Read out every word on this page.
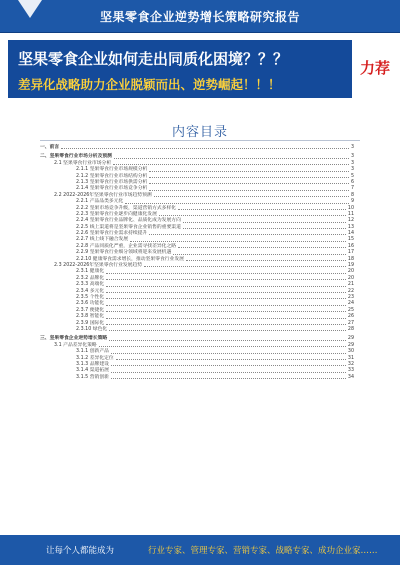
坚果零食企业逆势增长策略研究报告
坚果零食企业如何走出同质化困境？？？
差异化战略助力企业脱颖而出、逆势崛起！！！
力荐
内容目录
一、前言	3
二、坚果零食行业市场分析及预测	3
2.1 坚果零食行业市场分析	3
2.1.1 坚果零食行业市场规模分析	3
2.1.2 坚果零食行业市场结构分析	5
2.1.3 坚果零食行业市场供需分析	6
2.1.4 坚果零食行业市场竞争分析	7
2.2 2022-2026年坚果零食行业市场趋势预测	8
2.2.1 产品品类多元化	9
2.2.2 坚果市场竞争升级，渠道营销方式多样化	10
2.2.3 坚果零食行业逐步向健康化发展	11
2.2.4 坚果零食行业品牌化、品质化成为发展方向	12
2.2.5 线上渠道将是坚果零食企业销售的重要渠道	13
2.2.6 坚果零食行业需求持续提升	14
2.2.7 线上线下融合发展	15
2.2.8 产品同质化严重，企业需寻找差异化之路	16
2.2.9 坚果零食行业细分领域将迎来发展机遇	17
2.2.10 健康零食需求增长，推动坚果零食行业发展	18
2.3 2022-2026年坚果零食行业发展趋势	19
2.3.1 健康化	20
2.3.2 品牌化	20
2.3.3 高端化	21
2.3.4 多元化	22
2.3.5 个性化	23
2.3.6 功能化	24
2.3.7 便捷化	25
2.3.8 智能化	26
2.3.9 国际化	27
2.3.10 绿色化	28
三、坚果零食企业逆势增长策略	29
3.1 产品差异化策略	29
3.1.1 创新产品	30
3.1.2 差异化定位	31
3.1.3 品牌建设	32
3.1.4 渠道拓展	33
3.1.5 营销创新	34
让每个人都能成为	行业专家、管理专家、营销专家、战略专家、成功企业家……
